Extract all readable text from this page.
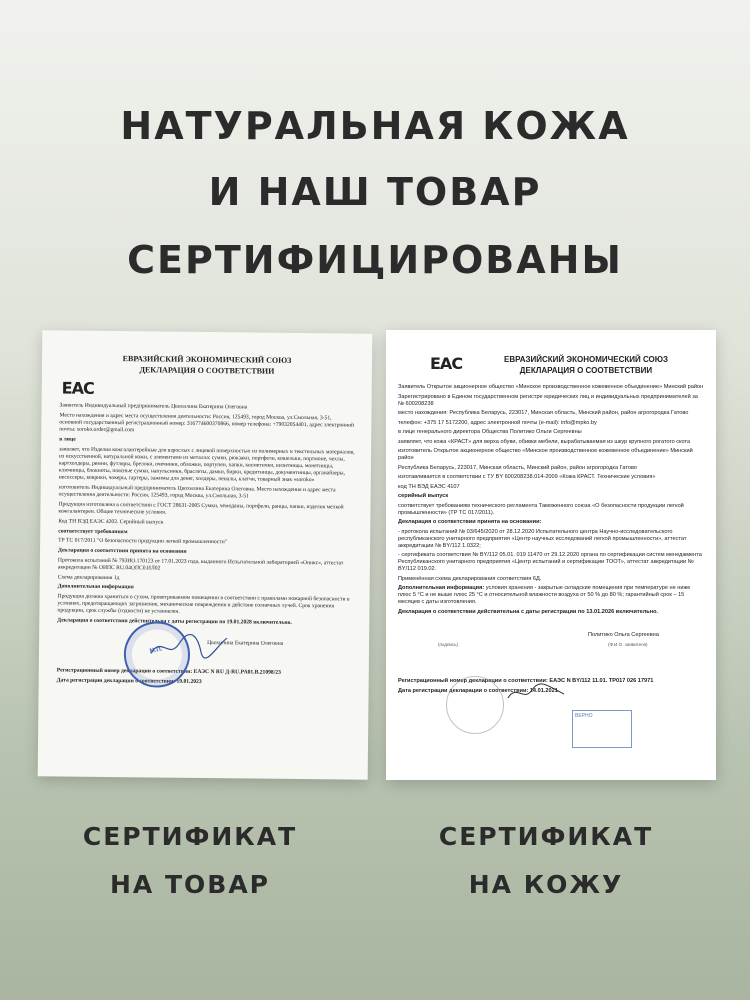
НАТУРАЛЬНАЯ КОЖА
И НАШ ТОВАР
СЕРТИФИЦИРОВАНЫ
EAC
ЕВРАЗИЙСКИЙ ЭКОНОМИЧЕСКИЙ СОЮЗ
ДЕКЛАРАЦИЯ О СООТВЕТСТВИИ

Заявитель Индивидуальный предприниматель Цвохилина Екатерина Олеговна

Место нахождения и адрес места осуществления деятельности: Россия, 125493, город Москва, ул.Смольная, 3-51, основной государственный регистрационный номер: 316774600370866, номер телефона: +79032054401, адрес электронной почты: soroko.order@gmail.com

в лице

заявляет, что Изделия кожгалантерейные для взрослых с лицевой поверхностью из полимерных и текстильных материалов, из искусственной, натуральной кожи, с элементами из металла: сумки, рюкзаки, портфели, кошельки, портмоне, чехлы, картхолдеры, ремни, футляры, брелоки, очечники, обложки, портупеи, папки, косметички, визитницы, монетницы, ключницы, блокноты, поясные сумки, напульсники, браслеты, дамки, бирки, кредитницы, документницы, органайзеры, несессеры, коврики, чокеры, гартеры, зажимы для денег, холдеры, пеналы, клатчи, товарный знак «soroko»

изготовитель Индивидуальный предприниматель Цвохилина Екатерина Олеговна. Место нахождения и адрес места осуществления деятельности: Россия, 125493, город Москва, ул.Смольная, 3-51

Продукция изготовлена в соответствии с ГОСТ 28631-2005 Сумки, чемоданы, портфели, ранцы, папки, изделия мелкой кожгалантереи. Общие технические условия.

Код ТН ВЭД ЕАЭС 4202. Серийный выпуск

соответствует требованиям

ТР ТС 017/2011 "О безопасности продукции легкой промышленности"

Декларация о соответствии принята на основании

Протокола испытаний № 793ИО.170123 от 17.01.2023 года, выданного Испытательной лабораторией «Оникс», аттестат аккредитации № ОИПС RU.04ОПС0.ИЛ02

Схема декларирования 1д

Дополнительная информация

Продукция должна храниться в сухом, проветриваемом помещении в соответствии с правилами пожарной безопасности в условиях, предотвращающих загрязнение, механические повреждения и действие солнечных лучей. Срок хранения продукции, срок службы (годности) не установлен.

Декларация о соответствии действительна с даты регистрации по 19.01.2028 включительно.

Цвохилина Екатерина Олеговна

Регистрационный номер декларации о соответствии: ЕАЭС N RU Д-RU.PA01.B.21098/23

Дата регистрации декларации о соответствии: 19.01.2023

М.П.
EAC	ЕВРАЗИЙСКИЙ ЭКОНОМИЧЕСКИЙ СОЮЗ
ДЕКЛАРАЦИЯ О СООТВЕТСТВИИ

Заявитель Открытое акционерное общество «Минское производственное кожевенное объединение» Минский район

Зарегистрировано в Едином государственном регистре юридических лиц и индивидуальных предпринимателей за № 600208238

место нахождения: Республика Беларусь, 223017, Минская область, Минский район, район агрогородка Гатово

телефон: +375 17 5172200, адрес электронной почты (e-mail): info@mpko.by

в лице генерального директора Общества Политико Ольги Сергеевны

заявляет, что кожа «КРАСТ» для верха обуви, обивки мебели, вырабатываемая из шкур крупного рогатого скота

изготовитель Открытое акционерное общество «Минское производственное кожевенное объединение» Минский район

Республика Беларусь, 223017, Минская область, Минский район, район агрогородка Гатово

изготавливается в соответствии с ТУ BY 600208238.014-2009 «Кожа КРАСТ. Технические условия»

код ТН ВЭД ЕАЭС 4107

серийный выпуск

соответствует требованиям технического регламента Таможенного союза «О безопасности продукции легкой промышленности» (ТР ТС 017/2011).

Декларация о соответствии принята на основании:

- протокола испытаний № 03/645/2020 от 28.12.2020 Испытательного центра Научно-исследовательского республиканского унитарного предприятия «Центр научных исследований легкой промышленности», аттестат аккредитации № BY/112 1.0322;

- сертификата соответствия № BY/112 05.01. 019 11470 от 29.12.2020 органа по сертификации систем менеджмента Республиканского унитарного предприятия «Центр испытаний и сертификации ТООТ», аттестат аккредитации № BY/112 019.02.

Применённая схема декларирования соответствия 6Д.

Дополнительная информация: условия хранения - закрытые складские помещения при температуре не ниже плюс 5 °С и не выше плюс 25 °С и относительной влажности воздуха от 50 % до 80 %; гарантийный срок – 15 месяцев с даты изготовления.

Декларация о соответствии действительна с даты регистрации по 13.01.2026 включительно.

Политико Ольга Сергеевна

(подпись)	(Ф.И.О. заявителя)

Регистрационный номер декларации о соответствии: ЕАЭС N BY/112 11.01. ТР017 026 17971

Дата регистрации декларации о соответствии: 14.01.2021

ВЕРНО
СЕРТИФИКАТ
НА ТОВАР
СЕРТИФИКАТ
НА КОЖУ
